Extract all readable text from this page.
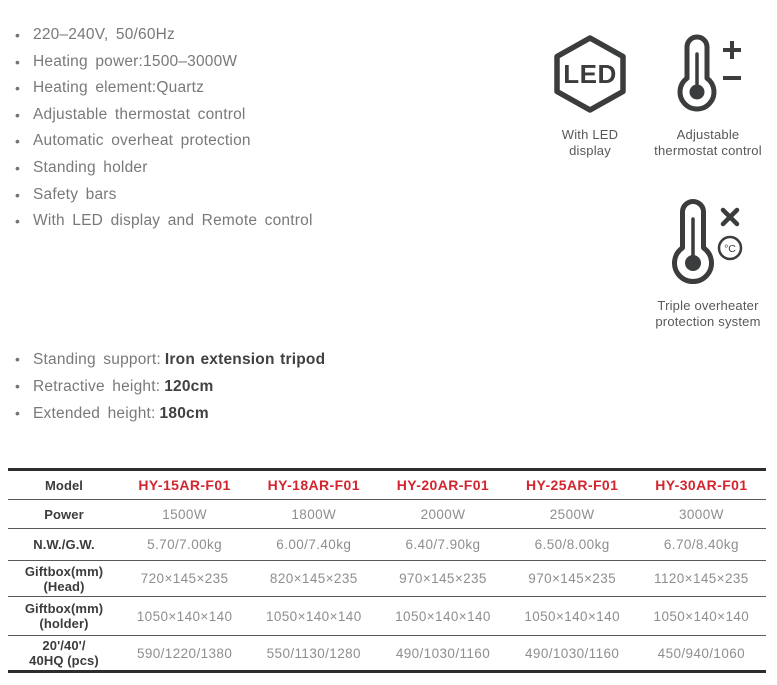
• 220–240V, 50/60Hz
• Heating power:1500–3000W
• Heating element:Quartz
• Adjustable thermostat control
• Automatic overheat protection
• Standing holder
• Safety bars
• With LED display and Remote control
LED
With LED display
Adjustable thermostat control
°C
Triple overheater protection system
• Standing support: Iron extension tripod
• Retractive height: 120cm
• Extended height: 180cm
Model	HY-15AR-F01	HY-18AR-F01	HY-20AR-F01	HY-25AR-F01	HY-30AR-F01
Power	1500W	1800W	2000W	2500W	3000W
N.W./G.W.	5.70/7.00kg	6.00/7.40kg	6.40/7.90kg	6.50/8.00kg	6.70/8.40kg
Giftbox(mm)
(Head)	720×145×235	820×145×235	970×145×235	970×145×235	1120×145×235
Giftbox(mm)
(holder)	1050×140×140	1050×140×140	1050×140×140	1050×140×140	1050×140×140
20'/40'/
40HQ (pcs)	590/1220/1380	550/1130/1280	490/1030/1160	490/1030/1160	450/940/1060
